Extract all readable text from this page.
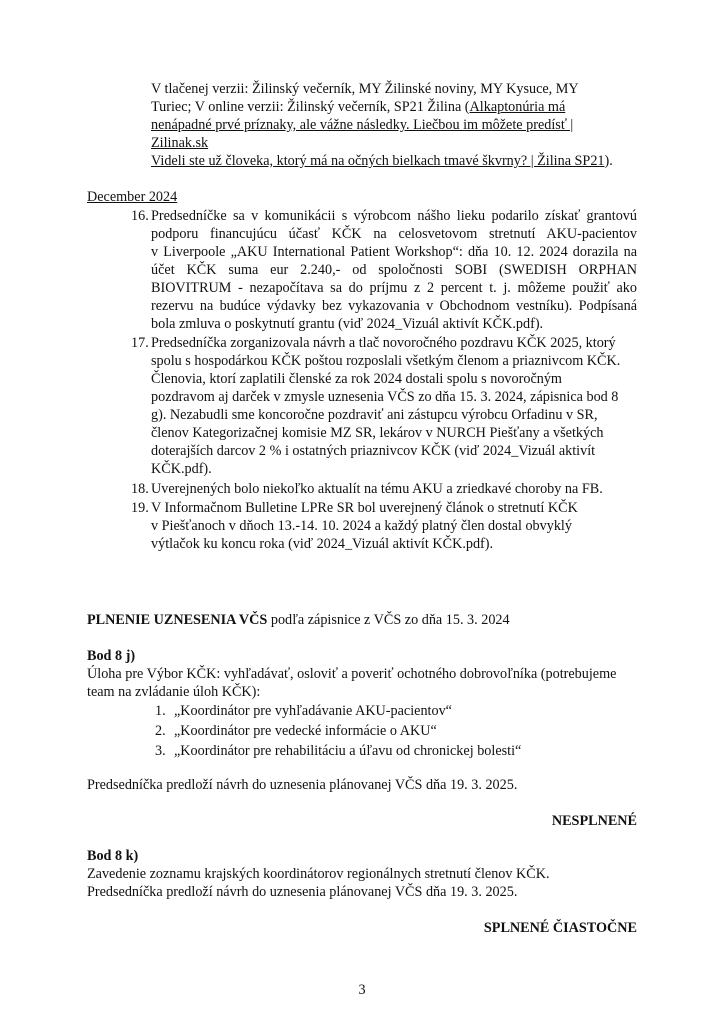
V tlačenej verzii: Žilinský večerník, MY Žilinské noviny, MY Kysuce, MY
Turiec; V online verzii: Žilinský večerník, SP21 Žilina (Alkaptonúria má
nenápadné prvé príznaky, ale vážne následky. Liečbou im môžete predísť |
Zilinak.sk
Videli ste už človeka, ktorý má na očných bielkach tmavé škvrny? | Žilina SP21).
December 2024
16. Predsedníčke sa v komunikácii s výrobcom nášho lieku podarilo získať grantovú
podporu financujúcu účasť KČK na celosvetovom stretnutí AKU-pacientov
v Liverpoole „AKU International Patient Workshop“: dňa 10. 12. 2024 dorazila na
účet KČK suma eur 2.240,- od spoločnosti SOBI (SWEDISH ORPHAN
BIOVITRUM - nezapočítava sa do príjmu z 2 percent t. j. môžeme použiť ako
rezervu na budúce výdavky bez vykazovania v Obchodnom vestníku). Podpísaná
bola zmluva o poskytnutí grantu (viď 2024_Vizuál aktivít KČK.pdf).
17. Predsedníčka zorganizovala návrh a tlač novoročného pozdravu KČK 2025, ktorý
spolu s hospodárkou KČK poštou rozposlali všetkým členom a priaznivcom KČK.
Členovia, ktorí zaplatili členské za rok 2024 dostali spolu s novoročným
pozdravom aj darček v zmysle uznesenia VČS zo dňa 15. 3. 2024, zápisnica bod 8
g). Nezabudli sme koncoročne pozdraviť ani zástupcu výrobcu Orfadinu v SR,
členov Kategorizačnej komisie MZ SR, lekárov v NURCH Piešťany a všetkých
doterajších darcov 2 % i ostatných priaznivcov KČK (viď 2024_Vizuál aktivít
KČK.pdf).
18. Uverejnených bolo niekoľko aktualít na tému AKU a zriedkavé choroby na FB.
19. V Informačnom Bulletine LPRe SR bol uverejnený článok o stretnutí KČK
v Piešťanoch v dňoch 13.-14. 10. 2024 a každý platný člen dostal obvyklý
výtlačok ku koncu roka (viď 2024_Vizuál aktivít KČK.pdf).
PLNENIE UZNESENIA VČS podľa zápisnice z VČS zo dňa 15. 3. 2024
Bod 8 j)
Úloha pre Výbor KČK: vyhľadávať, osloviť a poveriť ochotného dobrovoľníka (potrebujeme
team na zvládanie úloh KČK):
1. „Koordinátor pre vyhľadávanie AKU-pacientov“
2. „Koordinátor pre vedecké informácie o AKU“
3. „Koordinátor pre rehabilitáciu a úľavu od chronickej bolesti“
Predsedníčka predloží návrh do uznesenia plánovanej VČS dňa 19. 3. 2025.
NESPLNENÉ
Bod 8 k)
Zavedenie zoznamu krajských koordinátorov regionálnych stretnutí členov KČK.
Predsedníčka predloží návrh do uznesenia plánovanej VČS dňa 19. 3. 2025.
SPLNENÉ ČIASTOČNE
3
